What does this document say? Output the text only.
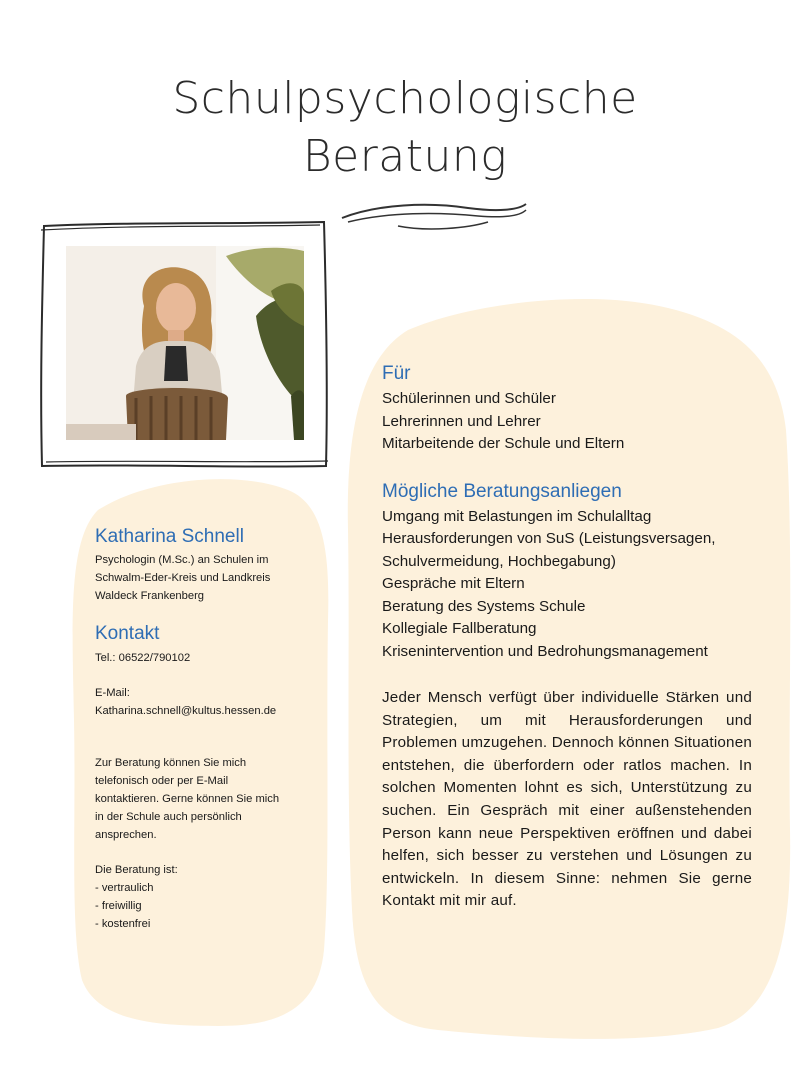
Schulpsychologische
Beratung
Für

Schülerinnen und Schüler

Lehrerinnen und Lehrer

Mitarbeitende der Schule und Eltern

Mögliche Beratungsanliegen

Umgang mit Belastungen im Schulalltag

Herausforderungen von SuS (Leistungsversagen,

Schulvermeidung, Hochbegabung)

Gespräche mit Eltern

Beratung des Systems Schule

Kollegiale Fallberatung

Krisenintervention und Bedrohungsmanagement

Jeder Mensch verfügt über individuelle Stärken und Strategien, um mit Herausforderungen und Problemen umzugehen. Dennoch können Situationen entstehen, die überfordern oder ratlos machen. In solchen Momenten lohnt es sich, Unterstützung zu suchen. Ein Gespräch mit einer außenstehenden Person kann neue Perspektiven eröffnen und dabei helfen, sich besser zu verstehen und Lösungen zu entwickeln. In diesem Sinne: nehmen Sie gerne Kontakt mit mir auf.

Katharina Schnell

Psychologin (M.Sc.) an Schulen im

Schwalm-Eder-Kreis und Landkreis

Waldeck Frankenberg

Kontakt

Tel.: 06522/790102

E-Mail:

Katharina.schnell@kultus.hessen.de

Zur Beratung können Sie mich

telefonisch oder per E-Mail

kontaktieren. Gerne können Sie mich

in der Schule auch persönlich

ansprechen.

Die Beratung ist:

- vertraulich

- freiwillig

- kostenfrei
